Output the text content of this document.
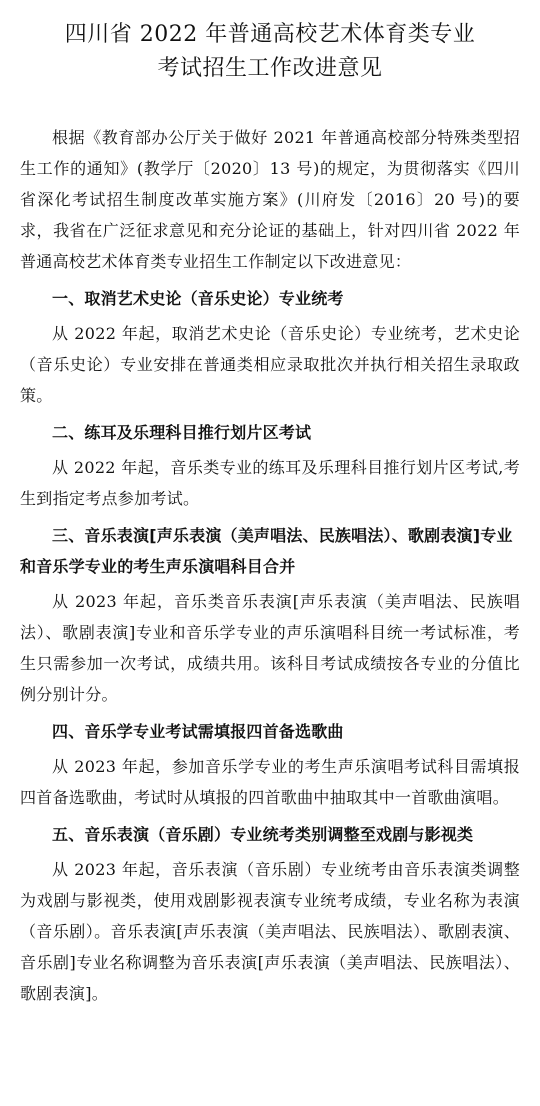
四川省 2022 年普通高校艺术体育类专业
考试招生工作改进意见

根据《教育部办公厅关于做好 2021 年普通高校部分特殊类型招生工作的通知》(教学厅〔2020〕13 号)的规定，为贯彻落实《四川省深化考试招生制度改革实施方案》(川府发〔2016〕20 号)的要求，我省在广泛征求意见和充分论证的基础上，针对四川省 2022 年普通高校艺术体育类专业招生工作制定以下改进意见：

一、取消艺术史论（音乐史论）专业统考

从 2022 年起，取消艺术史论（音乐史论）专业统考，艺术史论（音乐史论）专业安排在普通类相应录取批次并执行相关招生录取政策。

二、练耳及乐理科目推行划片区考试

从 2022 年起，音乐类专业的练耳及乐理科目推行划片区考试,考生到指定考点参加考试。

三、音乐表演[声乐表演（美声唱法、民族唱法）、歌剧表演]专业和音乐学专业的考生声乐演唱科目合并

从 2023 年起，音乐类音乐表演[声乐表演（美声唱法、民族唱法）、歌剧表演]专业和音乐学专业的声乐演唱科目统一考试标准，考生只需参加一次考试，成绩共用。该科目考试成绩按各专业的分值比例分别计分。

四、音乐学专业考试需填报四首备选歌曲

从 2023 年起，参加音乐学专业的考生声乐演唱考试科目需填报四首备选歌曲，考试时从填报的四首歌曲中抽取其中一首歌曲演唱。

五、音乐表演（音乐剧）专业统考类别调整至戏剧与影视类

从 2023 年起，音乐表演（音乐剧）专业统考由音乐表演类调整为戏剧与影视类，使用戏剧影视表演专业统考成绩，专业名称为表演（音乐剧）。音乐表演[声乐表演（美声唱法、民族唱法）、歌剧表演、音乐剧]专业名称调整为音乐表演[声乐表演（美声唱法、民族唱法）、歌剧表演]。
